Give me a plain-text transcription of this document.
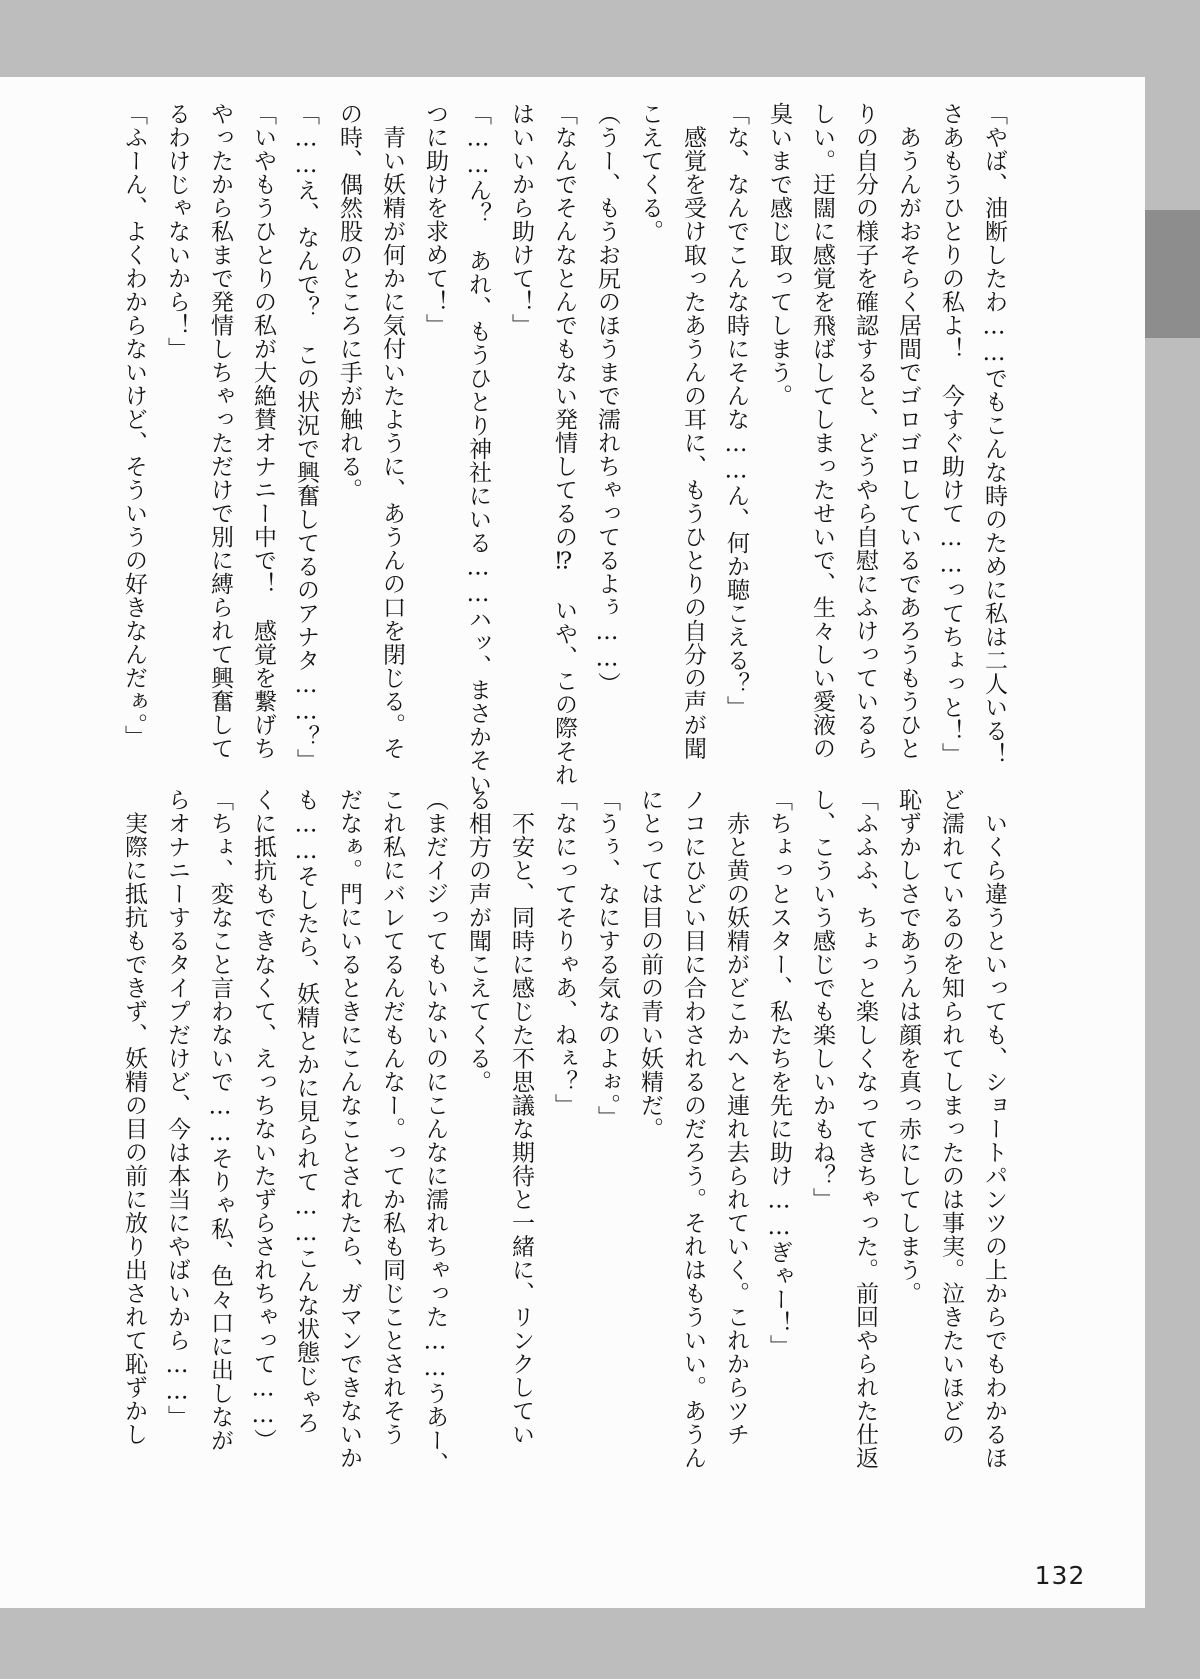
「やば、油断したわ……でもこんな時のために私は二人いる！
さあもうひとりの私よ！　今すぐ助けて……ってちょっと！」
　あうんがおそらく居間でゴロゴロしているであろうもうひと
りの自分の様子を確認すると、どうやら自慰にふけっているら
しい。迂闊に感覚を飛ばしてしまったせいで、生々しい愛液の
臭いまで感じ取ってしまう。
「な、なんでこんな時にそんな……ん、何か聴こえる？」
　感覚を受け取ったあうんの耳に、もうひとりの自分の声が聞
こえてくる。
（うー、もうお尻のほうまで濡れちゃってるよぅ……）
「なんでそんなとんでもない発情してるの⁉　いや、この際それ
はいいから助けて！」
「……ん？　あれ、もうひとり神社にいる……ハッ、まさかそい
つに助けを求めて！」
　青い妖精が何かに気付いたように、あうんの口を閉じる。そ
の時、偶然股のところに手が触れる。
「……え、なんで？　この状況で興奮してるのアナタ……？」
「いやもうひとりの私が大絶賛オナニー中で！　感覚を繋げち
やったから私まで発情しちゃっただけで別に縛られて興奮して
るわけじゃないから！」
「ふーん、よくわからないけど、そういうの好きなんだぁ。」
　いくら違うといっても、ショートパンツの上からでもわかるほ
ど濡れているのを知られてしまったのは事実。泣きたいほどの
恥ずかしさであうんは顔を真っ赤にしてしまう。
「ふふふ、ちょっと楽しくなってきちゃった。前回やられた仕返
し、こういう感じでも楽しいかもね？」
「ちょっとスター、私たちを先に助け……ぎゃー！」
　赤と黄の妖精がどこかへと連れ去られていく。これからツチ
ノコにひどい目に合わされるのだろう。それはもういい。あうん
にとっては目の前の青い妖精だ。
「うぅ、なにする気なのよぉ。」
「なにってそりゃあ、ねぇ？」
　不安と、同時に感じた不思議な期待と一緒に、リンクしてい
る相方の声が聞こえてくる。
（まだイジってもいないのにこんなに濡れちゃった……うあー、
これ私にバレてるんだもんなー。ってか私も同じことされそう
だなぁ。門にいるときにこんなことされたら、ガマンできないか
も……そしたら、妖精とかに見られて……こんな状態じゃろ
くに抵抗もできなくて、えっちないたずらされちゃって……）
「ちょ、変なこと言わないで……そりゃ私、色々口に出しなが
らオナニーするタイプだけど、今は本当にやばいから……」
　実際に抵抗もできず、妖精の目の前に放り出されて恥ずかし
132
